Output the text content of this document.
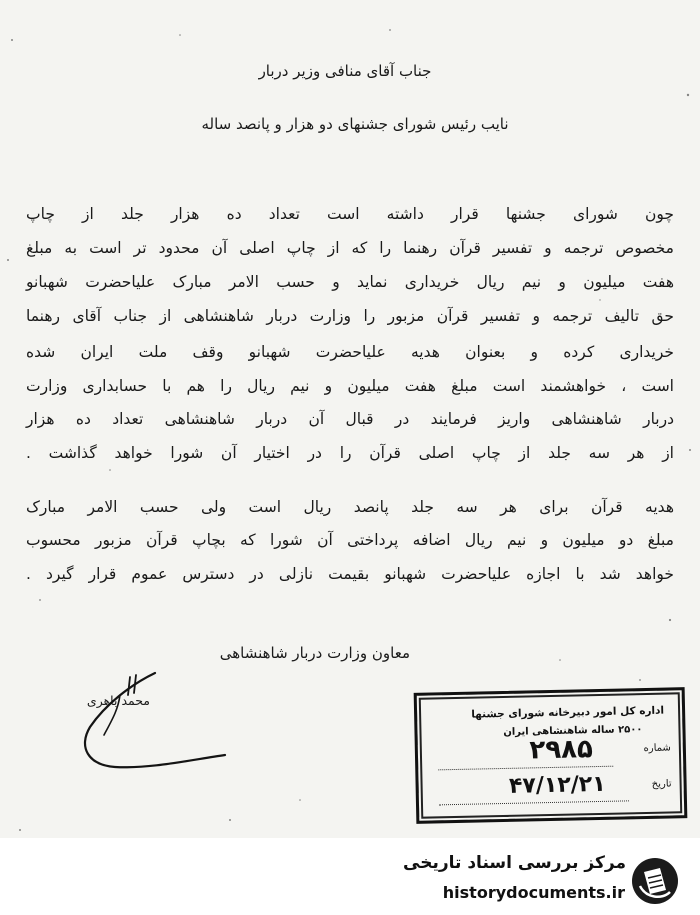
جناب آقای منافی وزیر دربار
نایب رئیس شورای جشنهای دو هزار و پانصد ساله
چون شورای جشنها قرار داشته است تعداد ده هزار جلد از چاپ
مخصوص ترجمه و تفسیر قرآن رهنما را که از چاپ اصلی آن محدود تر است به مبلغ
هفت میلیون و نیم ریال خریداری نماید و حسب الامر مبارک علیاحضرت شهبانو
حق تالیف ترجمه و تفسیر قرآن مزبور را وزارت دربار شاهنشاهی از جناب آقای رهنما
خریداری کرده و بعنوان هدیه علیاحضرت شهبانو وقف ملت ایران شده
است ، خواهشمند است مبلغ هفت میلیون و نیم ریال را هم با حسابداری وزارت
دربار شاهنشاهی واریز فرمایند در قبال آن دربار شاهنشاهی تعداد ده هزار
از هر سه جلد از چاپ اصلی قرآن را در اختیار آن شورا خواهد گذاشت .
هدیه قرآن برای هر سه جلد پانصد ریال است ولی حسب الامر مبارک
مبلغ دو میلیون و نیم ریال اضافه پرداختی آن شورا که بچاپ قرآن مزبور محسوب
خواهد شد با اجازه علیاحضرت شهبانو بقیمت نازلی در دسترس عموم قرار گیرد .
معاون وزارت دربار شاهنشاهی
محمد باهری
اداره کل امور دبیرخانه شورای جشنها
۲۵۰۰ ساله شاهنشاهی ایران
شماره
۲۹۸۵
تاریخ
۴۷/۱۲/۲۱
مرکز بررسی اسناد تاریخی
historydocuments.ir
